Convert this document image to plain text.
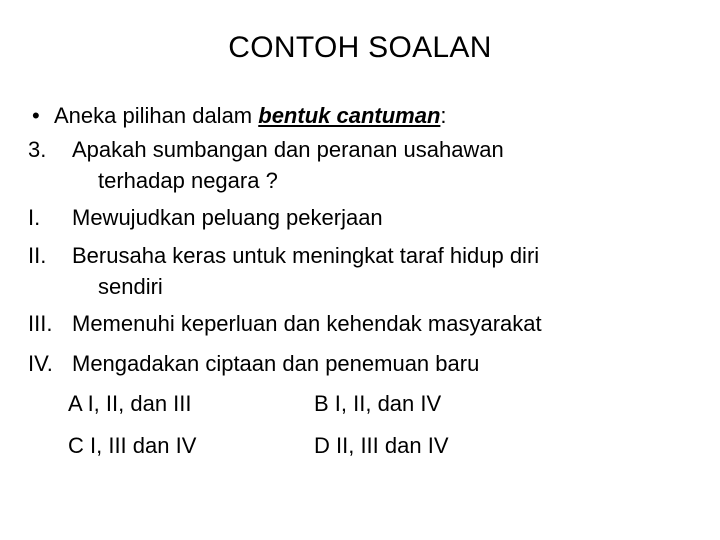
CONTOH SOALAN
• Aneka pilihan dalam bentuk cantuman:
3. Apakah sumbangan dan peranan usahawan
terhadap negara ?
I. Mewujudkan peluang pekerjaan
II. Berusaha keras untuk meningkat taraf hidup diri
sendiri
III. Memenuhi keperluan dan kehendak masyarakat
IV. Mengadakan ciptaan dan penemuan baru
A I, II, dan III	B I, II, dan IV
C I, III dan IV	D II, III dan IV
